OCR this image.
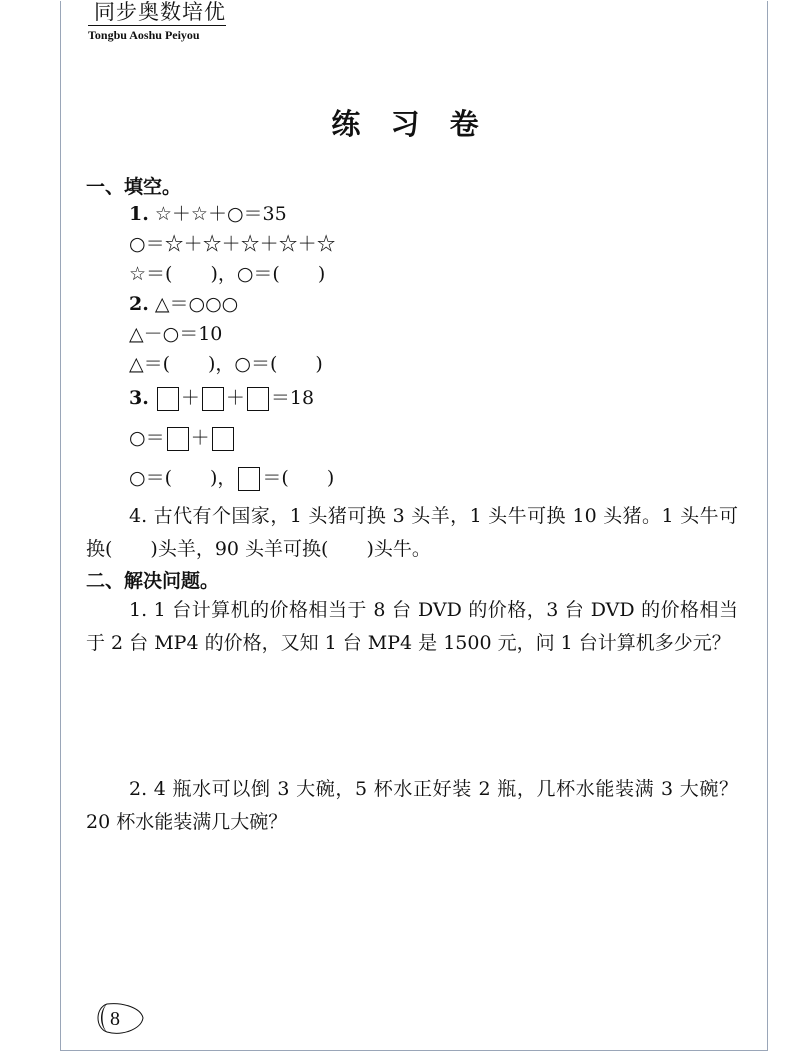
同步奥数培优
Tongbu Aoshu Peiyou
练 习 卷
一、填空。
1. ☆＋☆＋○＝35
○＝☆＋☆＋☆＋☆＋☆
☆＝(　　)，○＝(　　)
2. △＝○○○
△－○＝10
△＝(　　)，○＝(　　)
3. ＋ ＋ ＝18
○＝ ＋
○＝(　　)， ＝(　　)
4. 古代有个国家，1 头猪可换 3 头羊，1 头牛可换 10 头猪。1 头牛可换(　　)头羊，90 头羊可换(　　)头牛。
二、解决问题。
1. 1 台计算机的价格相当于 8 台 DVD 的价格，3 台 DVD 的价格相当于 2 台 MP4 的价格，又知 1 台 MP4 是 1500 元，问 1 台计算机多少元？
2. 4 瓶水可以倒 3 大碗，5 杯水正好装 2 瓶，几杯水能装满 3 大碗？20 杯水能装满几大碗？
8
